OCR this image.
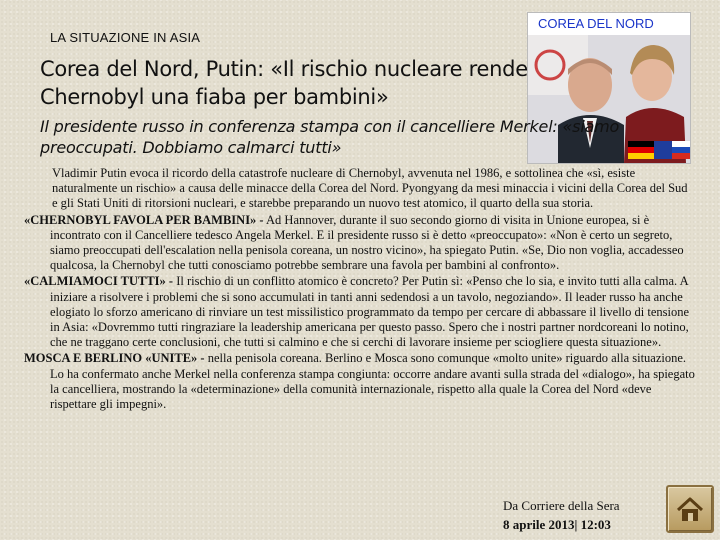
LA SITUAZIONE IN ASIA
COREA DEL NORD
Corea del Nord, Putin: «Il rischio nucleare rende Chernobyl una fiaba per bambini»

Il presidente russo in conferenza stampa con il cancelliere Merkel: «siamo preoccupati. Dobbiamo calmarci tutti»

Vladimir Putin evoca il ricordo della catastrofe nucleare di Chernobyl, avvenuta nel 1986, e sottolinea che «sì, esiste naturalmente un rischio» a causa delle minacce della Corea del Nord. Pyongyang da mesi minaccia i vicini della Corea del Sud e gli Stati Uniti di ritorsioni nucleari, e starebbe preparando un nuovo test atomico, il quarto della sua storia.

«CHERNOBYL FAVOLA PER BAMBINI» - Ad Hannover, durante il suo secondo giorno di visita in Unione europea, si è incontrato con il Cancelliere tedesco Angela Merkel. E il presidente russo si è detto «preoccupato»: «Non è certo un segreto, siamo preoccupati dell'escalation nella penisola coreana, un nostro vicino», ha spiegato Putin. «Se, Dio non voglia, accadesseo qualcosa, la Chernobyl che tutti conosciamo potrebbe sembrare una favola per bambini al confronto».

«CALMIAMOCI TUTTI» - Il rischio di un conflitto atomico è concreto? Per Putin sì: «Penso che lo sia, e invito tutti alla calma. A iniziare a risolvere i problemi che si sono accumulati in tanti anni sedendosi a un tavolo, negoziando». Il leader russo ha anche elogiato lo sforzo americano di rinviare un test missilistico programmato da tempo per cercare di abbassare il livello di tensione in Asia: «Dovremmo tutti ringraziare la leadership americana per questo passo. Spero che i nostri partner nordcoreani lo notino, che ne traggano certe conclusioni, che tutti si calmino e che si cerchi di lavorare insieme per sciogliere questa situazione».

MOSCA E BERLINO «UNITE» - nella penisola coreana. Berlino e Mosca sono comunque «molto unite» riguardo alla situazione. Lo ha confermato anche Merkel nella conferenza stampa congiunta: occorre andare avanti sulla strada del «dialogo», ha spiegato la cancelliera, mostrando la «determinazione» della comunità internazionale, rispetto alla quale la Corea del Nord «deve rispettare gli impegni».

Da Corriere della Sera
8 aprile 2013| 12:03
